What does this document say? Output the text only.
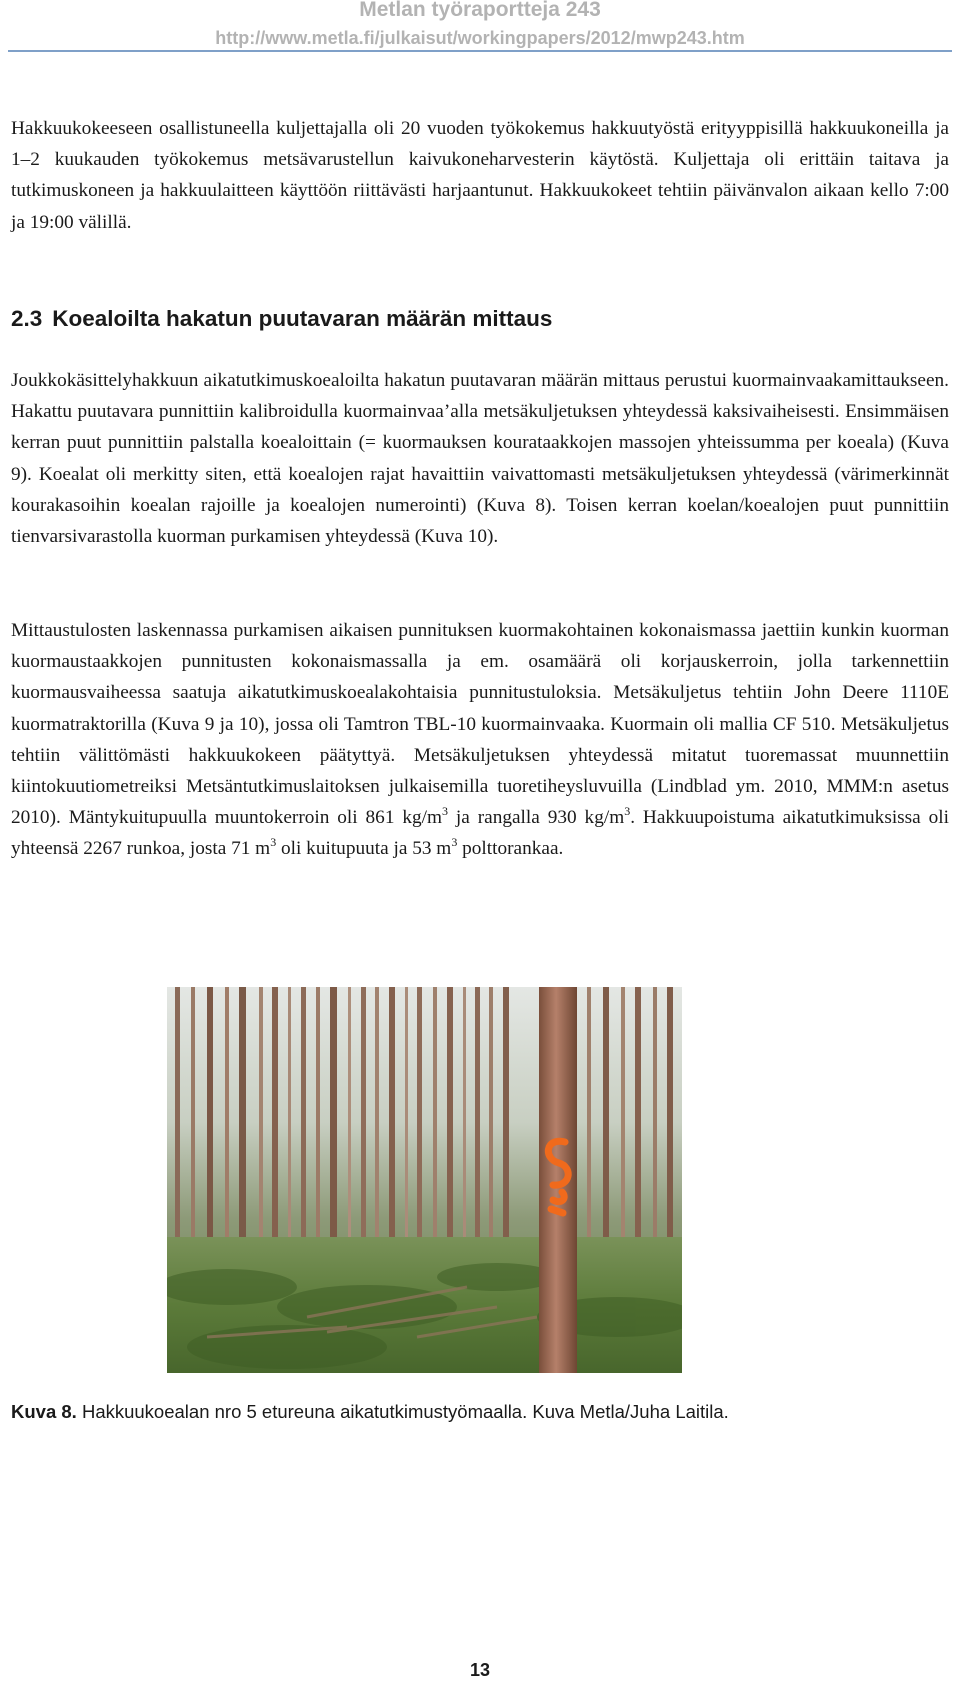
Metlan työraportteja 243
http://www.metla.fi/julkaisut/workingpapers/2012/mwp243.htm

Hakkuukokeeseen osallistuneella kuljettajalla oli 20 vuoden työkokemus hakkuutyöstä erityyppisillä hakkuukoneilla ja 1–2 kuukauden työkokemus metsävarustellun kaivukoneharvesterin käytöstä. Kuljettaja oli erittäin taitava ja tutkimuskoneen ja hakkuulaitteen käyttöön riittävästi harjaantunut. Hakkuukokeet tehtiin päivänvalon aikaan kello 7:00 ja 19:00 välillä.

2.3 Koealoilta hakatun puutavaran määrän mittaus

Joukkokäsittelyhakkuun aikatutkimuskoealoilta hakatun puutavaran määrän mittaus perustui kuormainvaakamittaukseen. Hakattu puutavara punnittiin kalibroidulla kuormainvaa’alla metsäkuljetuksen yhteydessä kaksivaiheisesti. Ensimmäisen kerran puut punnittiin palstalla koealoittain (= kuormauksen kourataakkojen massojen yhteissumma per koeala) (Kuva 9). Koealat oli merkitty siten, että koealojen rajat havaittiin vaivattomasti metsäkuljetuksen yhteydessä (värimerkinnät kourakasoihin koealan rajoille ja koealojen numerointi) (Kuva 8). Toisen kerran koelan/koealojen puut punnittiin tienvarsivarastolla kuorman purkamisen yhteydessä (Kuva 10).

Mittaustulosten laskennassa purkamisen aikaisen punnituksen kuormakohtainen kokonaismassa jaettiin kunkin kuorman kuormaustaakkojen punnitusten kokonaismassalla ja em. osamäärä oli korjauskerroin, jolla tarkennettiin kuormausvaiheessa saatuja aikatutkimuskoealakohtaisia punnitustuloksia. Metsäkuljetus tehtiin John Deere 1110E kuormatraktorilla (Kuva 9 ja 10), jossa oli Tamtron TBL-10 kuormainvaaka. Kuormain oli mallia CF 510. Metsäkuljetus tehtiin välittömästi hakkuukokeen päätyttyä. Metsäkuljetuksen yhteydessä mitatut tuoremassat muunnettiin kiintokuutiometreiksi Metsäntutkimuslaitoksen julkaisemilla tuoretiheysluvuilla (Lindblad ym. 2010, MMM:n asetus 2010). Mäntykuitupuulla muuntokerroin oli 861 $kg/m^3$ ja rangalla 930 $kg/m^3$. Hakkuupoistuma aikatutkimuksissa oli yhteensä 2267 runkoa, josta 71 $m^3$ oli kuitupuuta ja 53 $m^3$ polttorankaa.

Kuva 8. Hakkuukoealan nro 5 etureuna aikatutkimustyömaalla. Kuva Metla/Juha Laitila.

13
